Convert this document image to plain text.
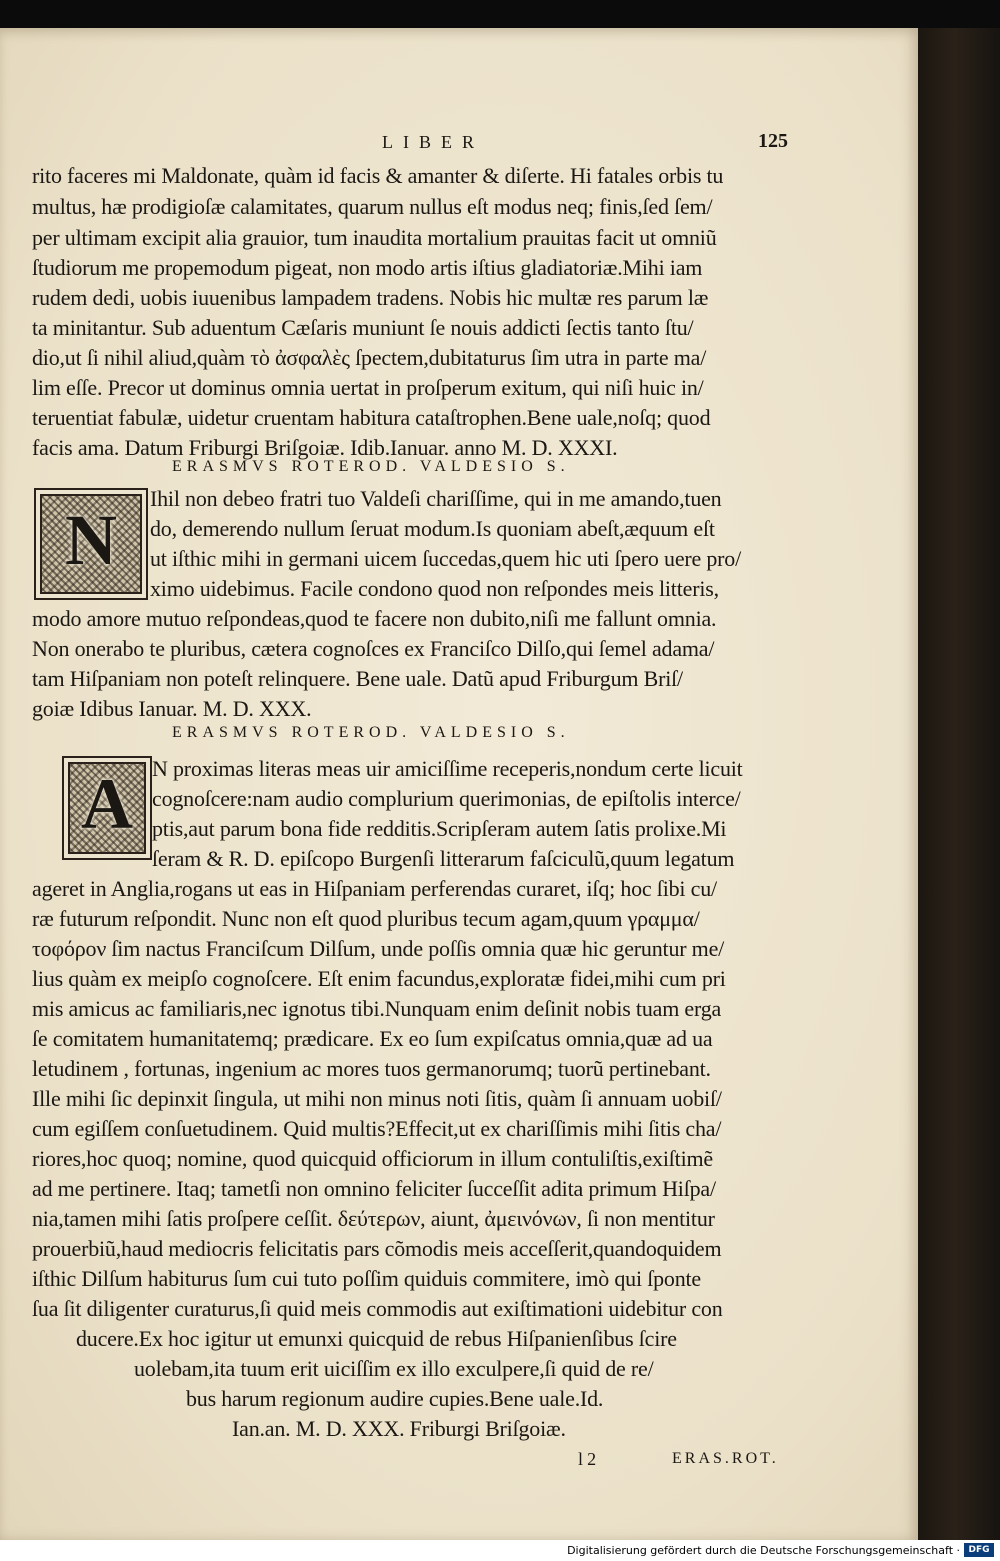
LIBER	125
rito faceres mi Maldonate, quàm id facis & amanter & diſerte. Hi fatales orbis tu
multus, hæ prodigioſæ calamitates, quarum nullus eſt modus neq; finis,ſed ſem/
per ultimam excipit alia grauior, tum inaudita mortalium prauitas facit ut omniũ
ſtudiorum me propemodum pigeat, non modo artis iſtius gladiatoriæ.Mihi iam
rudem dedi, uobis iuuenibus lampadem tradens. Nobis hic multæ res parum læ
ta minitantur. Sub aduentum Cæſaris muniunt ſe nouis addicti ſectis tanto ſtu/
dio,ut ſi nihil aliud,quàm τὸ ἀσφαλὲς ſpectem,dubitaturus ſim utra in parte ma/
lim eſſe. Precor ut dominus omnia uertat in proſperum exitum, qui niſi huic in/
teruentiat fabulæ, uidetur cruentam habitura cataſtrophen.Bene uale,noſq; quod
facis ama. Datum Friburgi Briſgoiæ. Idib.Ianuar. anno M. D. XXXI.
ERASMVS ROTEROD. VALDESIO S.
N
Ihil non debeo fratri tuo Valdeſi chariſſime, qui in me amando,tuen
do, demerendo nullum ſeruat modum.Is quoniam abeſt,æquum eſt
ut iſthic mihi in germani uicem ſuccedas,quem hic uti ſpero uere pro/
ximo uidebimus. Facile condono quod non reſpondes meis litteris,
modo amore mutuo reſpondeas,quod te facere non dubito,niſi me fallunt omnia.
Non onerabo te pluribus, cætera cognoſces ex Franciſco Dilſo,qui ſemel adama/
tam Hiſpaniam non poteſt relinquere. Bene uale. Datũ apud Friburgum Briſ/
goiæ Idibus Ianuar. M. D. XXX.
ERASMVS ROTEROD. VALDESIO S.
A N proximas literas meas uir amiciſſime receperis,nondum certe licuit
cognoſcere:nam audio complurium querimonias, de epiſtolis interce/
ptis,aut parum bona fide redditis.Scripſeram autem ſatis prolixe.Mi
ſeram & R. D. epiſcopo Burgenſi litterarum faſciculũ,quum legatum
ageret in Anglia,rogans ut eas in Hiſpaniam perferendas curaret, iſq; hoc ſibi cu/
ræ futurum reſpondit. Nunc non eſt quod pluribus tecum agam,quum γραμμα/
τοφόρον ſim nactus Franciſcum Dilſum, unde poſſis omnia quæ hic geruntur me/
lius quàm ex meipſo cognoſcere. Eſt enim facundus,exploratæ fidei,mihi cum pri
mis amicus ac familiaris,nec ignotus tibi.Nunquam enim deſinit nobis tuam erga
ſe comitatem humanitatemq; prædicare. Ex eo ſum expiſcatus omnia,quæ ad ua
letudinem , fortunas, ingenium ac mores tuos germanorumq; tuorũ pertinebant.
Ille mihi ſic depinxit ſingula, ut mihi non minus noti ſitis, quàm ſi annuam uobiſ/
cum egiſſem conſuetudinem. Quid multis?Effecit,ut ex chariſſimis mihi ſitis cha/
riores,hoc quoq; nomine, quod quicquid officiorum in illum contuliſtis,exiſtimẽ
ad me pertinere. Itaq; tametſi non omnino feliciter ſucceſſit adita primum Hiſpa/
nia,tamen mihi ſatis proſpere ceſſit. δεύτερων, aiunt, ἀμεινόνων, ſi non mentitur
prouerbiũ,haud mediocris felicitatis pars cõmodis meis acceſſerit,quandoquidem
iſthic Dilſum habiturus ſum cui tuto poſſim quiduis commitere, imò qui ſponte
ſua ſit diligenter curaturus,ſi quid meis commodis aut exiſtimationi uidebitur con
ducere.Ex hoc igitur ut emunxi quicquid de rebus Hiſpanienſibus ſcire
uolebam,ita tuum erit uiciſſim ex illo exculpere,ſi quid de re/
bus harum regionum audire cupies.Bene uale.Id.
Ian.an. M. D. XXX. Friburgi Briſgoiæ.
l 2	ERAS.ROT.
Digitalisierung gefördert durch die Deutsche Forschungsgemeinschaft · DFG
